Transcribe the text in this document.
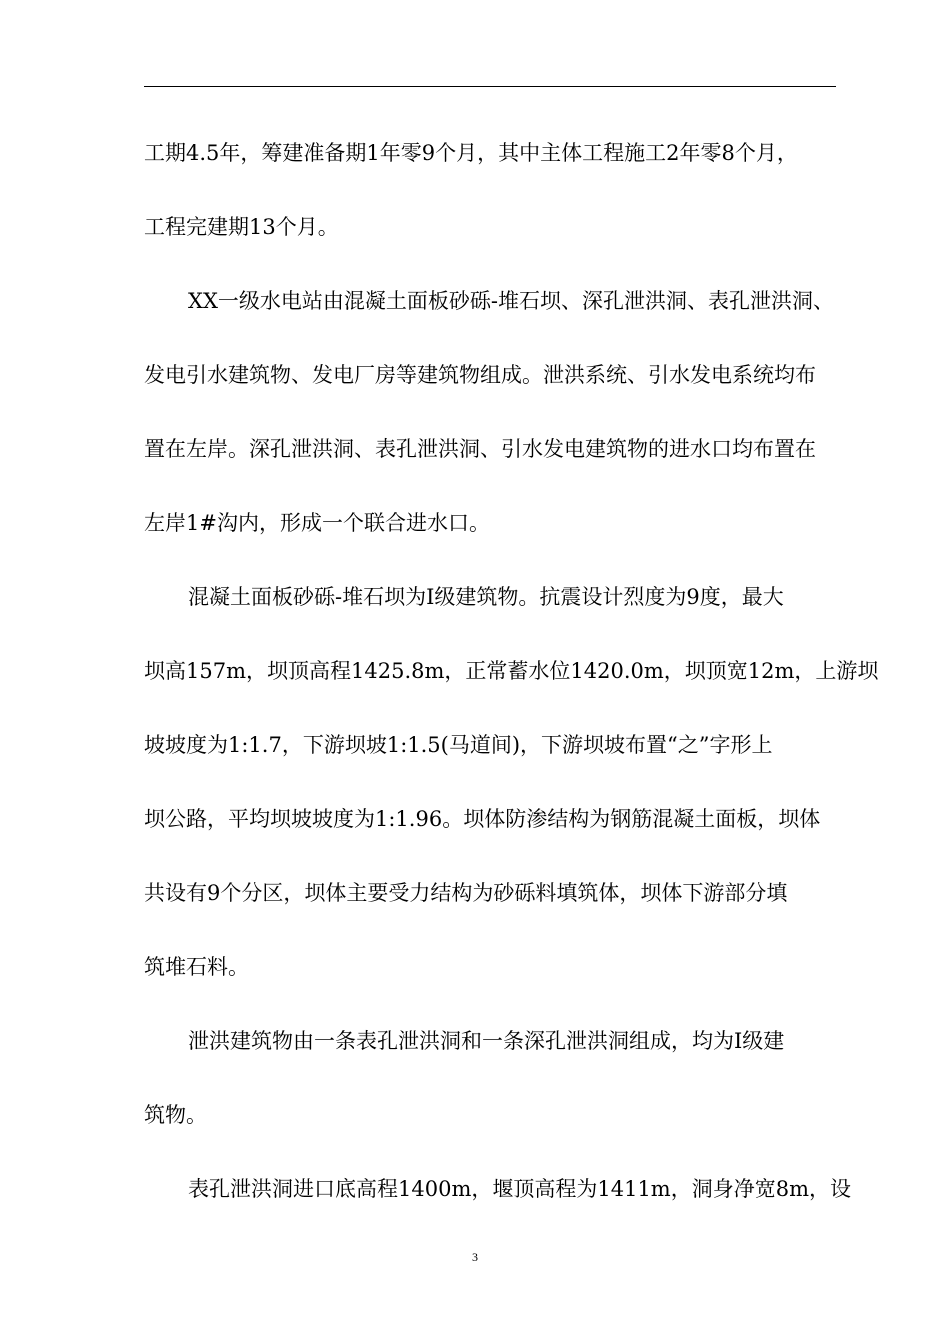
工期4.5年，筹建准备期1年零9个月，其中主体工程施工2年零8个月，

工程完建期13个月。

XX一级水电站由混凝土面板砂砾-堆石坝、深孔泄洪洞、表孔泄洪洞、

发电引水建筑物、发电厂房等建筑物组成。泄洪系统、引水发电系统均布

置在左岸。深孔泄洪洞、表孔泄洪洞、引水发电建筑物的进水口均布置在

左岸1#沟内，形成一个联合进水口。

混凝土面板砂砾-堆石坝为Ⅰ级建筑物。抗震设计烈度为9度，最大

坝高157m，坝顶高程1425.8m，正常蓄水位1420.0m，坝顶宽12m，上游坝

坡坡度为1:1.7，下游坝坡1:1.5(马道间)，下游坝坡布置“之”字形上

坝公路，平均坝坡坡度为1:1.96。坝体防渗结构为钢筋混凝土面板，坝体

共设有9个分区，坝体主要受力结构为砂砾料填筑体，坝体下游部分填

筑堆石料。

泄洪建筑物由一条表孔泄洪洞和一条深孔泄洪洞组成，均为Ⅰ级建

筑物。

表孔泄洪洞进口底高程1400m，堰顶高程为1411m，洞身净宽8m，设

3
